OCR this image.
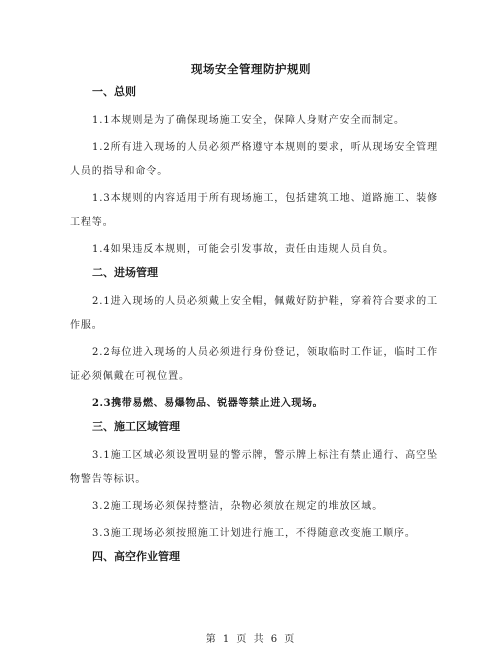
现场安全管理防护规则
一、总则

1.1本规则是为了确保现场施工安全，保障人身财产安全而制定。

1.2所有进入现场的人员必须严格遵守本规则的要求，听从现场安全管理人员的指导和命令。

1.3本规则的内容适用于所有现场施工，包括建筑工地、道路施工、装修工程等。

1.4如果违反本规则，可能会引发事故，责任由违规人员自负。

二、进场管理

2.1进入现场的人员必须戴上安全帽，佩戴好防护鞋，穿着符合要求的工作服。

2.2每位进入现场的人员必须进行身份登记，领取临时工作证，临时工作证必须佩戴在可视位置。

2.3携带易燃、易爆物品、锐器等禁止进入现场。

三、施工区域管理

3.1施工区域必须设置明显的警示牌，警示牌上标注有禁止通行、高空坠物警告等标识。

3.2施工现场必须保持整洁，杂物必须放在规定的堆放区域。

3.3施工现场必须按照施工计划进行施工，不得随意改变施工顺序。

四、高空作业管理
第 1 页 共 6 页
